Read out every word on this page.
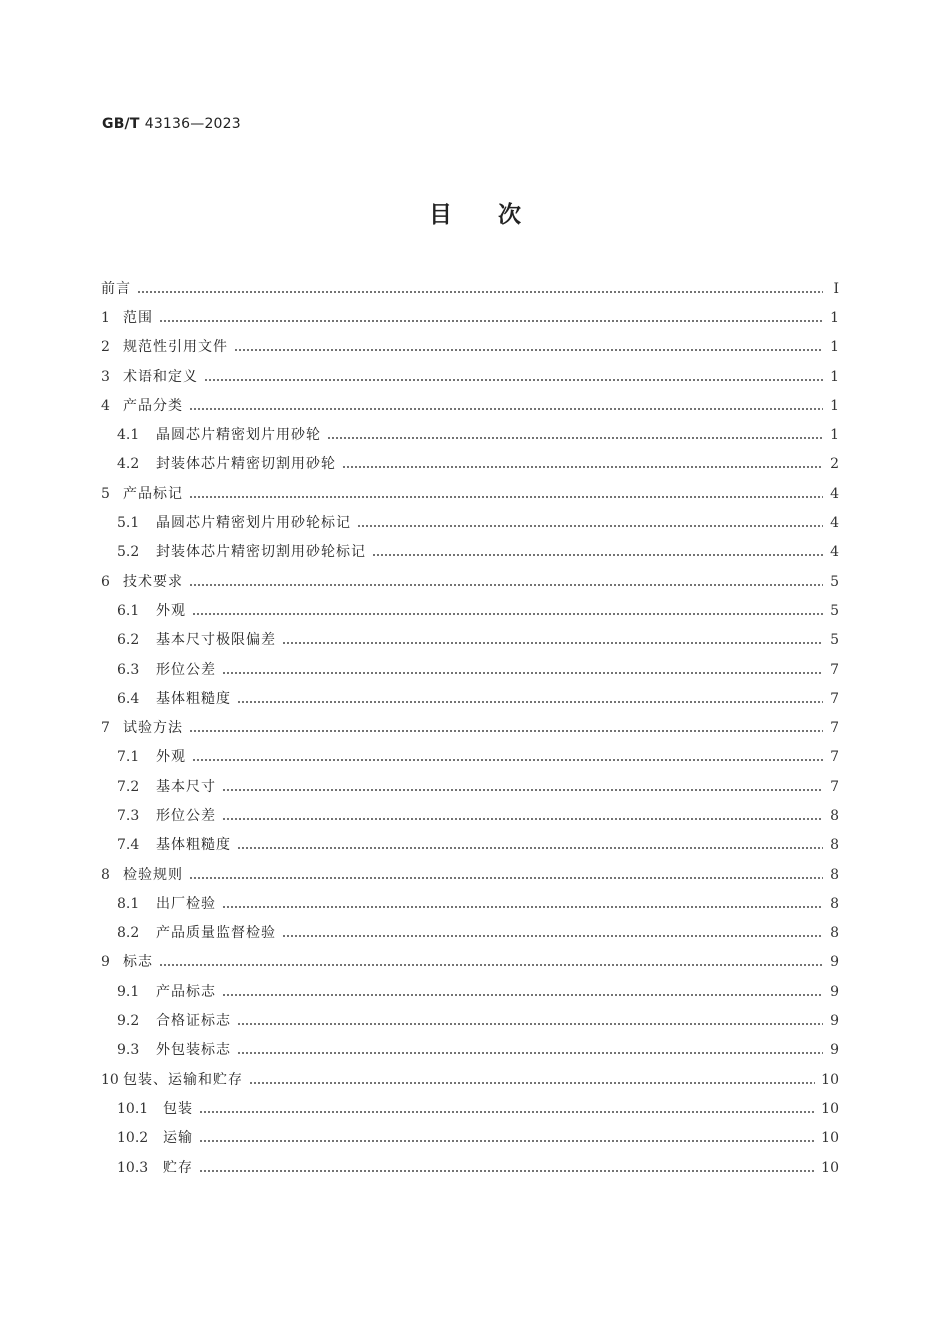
GB/T 43136—2023
目次
前言	I
1 范围	1
2 规范性引用文件	1
3 术语和定义	1
4 产品分类	1
4.1	晶圆芯片精密划片用砂轮	1
4.2	封装体芯片精密切割用砂轮	2
5 产品标记	4
5.1	晶圆芯片精密划片用砂轮标记	4
5.2	封装体芯片精密切割用砂轮标记	4
6 技术要求	5
6.1	外观	5
6.2	基本尺寸极限偏差	5
6.3	形位公差	7
6.4	基体粗糙度	7
7 试验方法	7
7.1	外观	7
7.2	基本尺寸	7
7.3	形位公差	8
7.4	基体粗糙度	8
8 检验规则	8
8.1	出厂检验	8
8.2	产品质量监督检验	8
9 标志	9
9.1	产品标志	9
9.2	合格证标志	9
9.3	外包装标志	9
10 包装、运输和贮存	10
10.1	包装	10
10.2	运输	10
10.3	贮存	10
